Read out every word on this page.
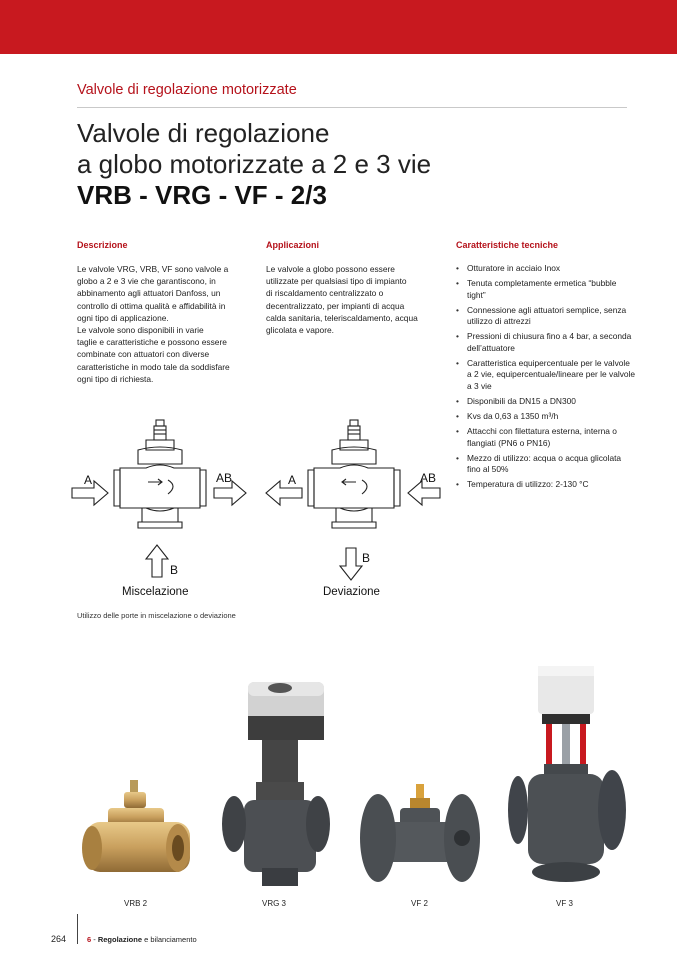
Valvole di regolazione motorizzate
Valvole di regolazione
a globo motorizzate a 2 e 3 vie
VRB - VRG - VF - 2/3
Descrizione

Le valvole VRG, VRB, VF sono valvole a
globo a 2 e 3 vie che garantiscono, in
abbinamento agli attuatori Danfoss, un
controllo di ottima qualità e affidabilità in
ogni tipo di applicazione.
Le valvole sono disponibili in varie
taglie e caratteristiche e possono essere
combinate con attuatori con diverse
caratteristiche in modo tale da soddisfare
ogni tipo di richiesta.

Applicazioni

Le valvole a globo possono essere
utilizzate per qualsiasi tipo di impianto
di riscaldamento centralizzato o
decentralizzato, per impianti di acqua
calda sanitaria, teleriscaldamento, acqua
glicolata e vapore.

Caratteristiche tecniche
• Otturatore in acciaio Inox
• Tenuta completamente ermetica “bubble tight”
• Connessione agli attuatori semplice, senza utilizzo di attrezzi
• Pressioni di chiusura fino a 4 bar, a seconda dell’attuatore
• Caratteristica equipercentuale per le valvole a 2 vie, equipercentuale/lineare per le valvole a 3 vie
• Disponibili da DN15 a DN300
• Kvs da 0,63 a 1350 m³/h
• Attacchi con filettatura esterna, interna o flangiati (PN6 o PN16)
• Mezzo di utilizzo: acqua o acqua glicolata fino al 50%
• Temperatura di utilizzo: 2-130 °C
A	AB
B
Miscelazione
A	AB
B
Deviazione
Utilizzo delle porte in miscelazione o deviazione
VRB 2	VRG 3	VF 2	VF 3
264	6 - Regolazione e bilanciamento
